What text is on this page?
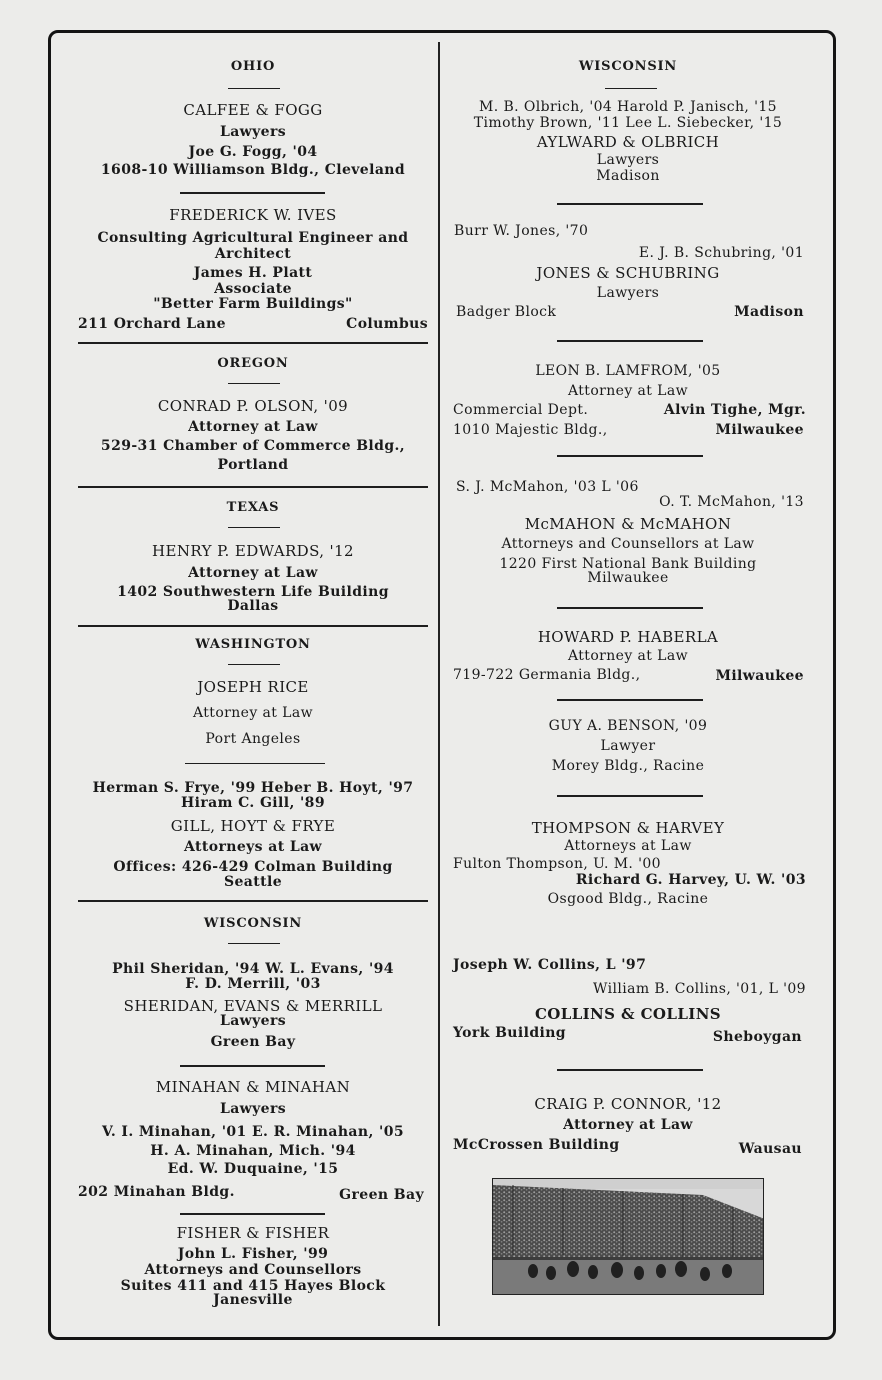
OHIO
CALFEE & FOGG
Lawyers
Joe G. Fogg, '04
1608-10 Williamson Bldg., Cleveland
FREDERICK W. IVES
Consulting Agricultural Engineer and
Architect
James H. Platt
Associate
"Better Farm Buildings"
211 Orchard Lane	Columbus
OREGON
CONRAD P. OLSON, '09
Attorney at Law
529-31 Chamber of Commerce Bldg.,
Portland
TEXAS
HENRY P. EDWARDS, '12
Attorney at Law
1402 Southwestern Life Building
Dallas
WASHINGTON
JOSEPH RICE
Attorney at Law
Port Angeles
Herman S. Frye, '99 Heber B. Hoyt, '97
Hiram C. Gill, '89
GILL, HOYT & FRYE
Attorneys at Law
Offices: 426-429 Colman Building
Seattle
WISCONSIN
Phil Sheridan, '94 W. L. Evans, '94
F. D. Merrill, '03
SHERIDAN, EVANS & MERRILL
Lawyers
Green Bay
MINAHAN & MINAHAN
Lawyers
V. I. Minahan, '01 E. R. Minahan, '05
H. A. Minahan, Mich. '94
Ed. W. Duquaine, '15
202 Minahan Bldg.	Green Bay
FISHER & FISHER
John L. Fisher, '99
Attorneys and Counsellors
Suites 411 and 415 Hayes Block
Janesville
WISCONSIN
M. B. Olbrich, '04 Harold P. Janisch, '15
Timothy Brown, '11 Lee L. Siebecker, '15
AYLWARD & OLBRICH
Lawyers
Madison
Burr W. Jones, '70
E. J. B. Schubring, '01
JONES & SCHUBRING
Lawyers
Badger Block	Madison
LEON B. LAMFROM, '05
Attorney at Law
Commercial Dept.	Alvin Tighe, Mgr.
1010 Majestic Bldg.,	Milwaukee
S. J. McMahon, '03 L '06
O. T. McMahon, '13
McMAHON & McMAHON
Attorneys and Counsellors at Law
1220 First National Bank Building
Milwaukee
HOWARD P. HABERLA
Attorney at Law
719-722 Germania Bldg.,	Milwaukee
GUY A. BENSON, '09
Lawyer
Morey Bldg., Racine
THOMPSON & HARVEY
Attorneys at Law
Fulton Thompson, U. M. '00
Richard G. Harvey, U. W. '03
Osgood Bldg., Racine
Joseph W. Collins, L '97
William B. Collins, '01, L '09
COLLINS & COLLINS
York Building	Sheboygan
CRAIG P. CONNOR, '12
Attorney at Law
McCrossen Building	Wausau
